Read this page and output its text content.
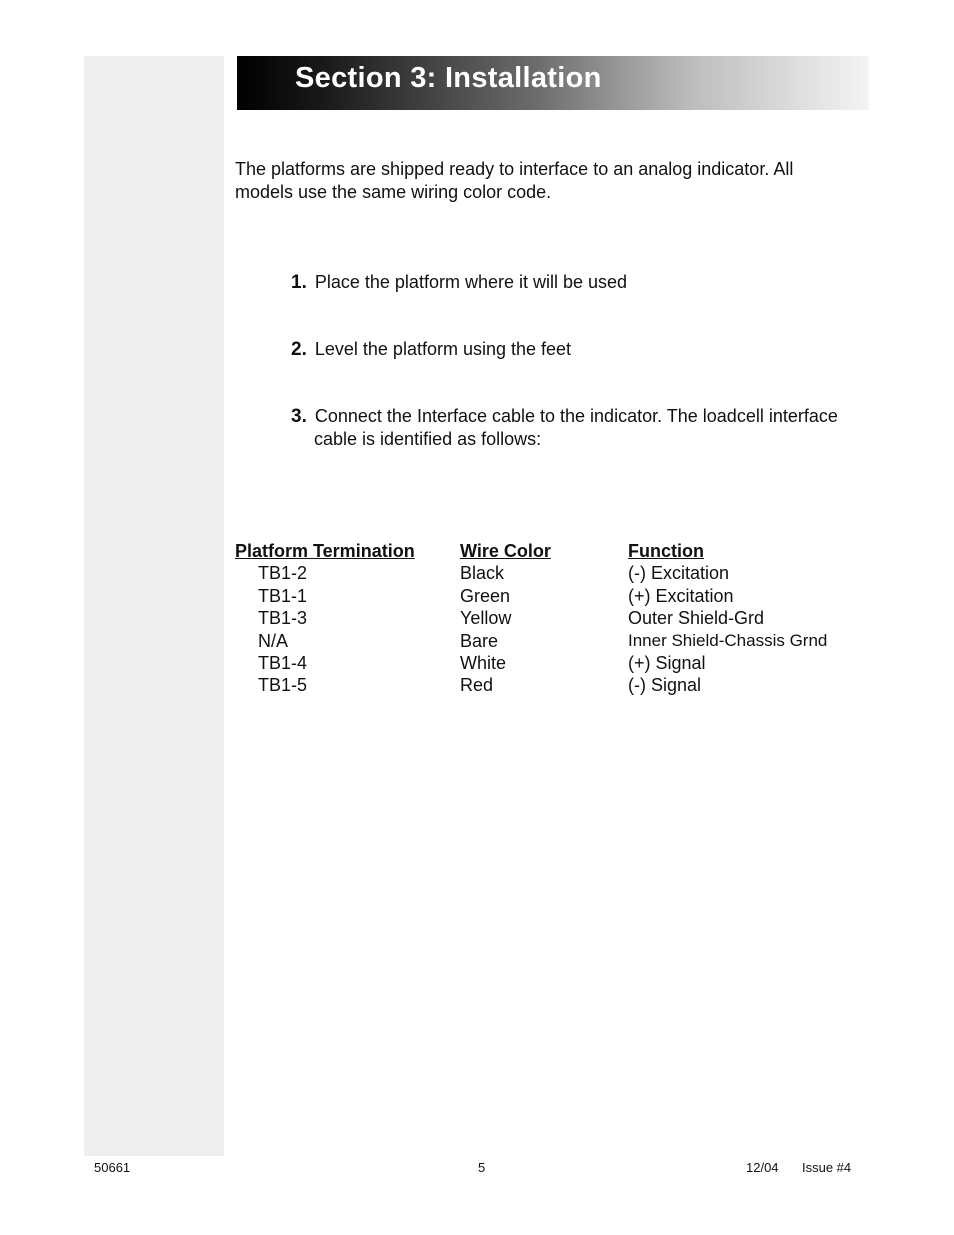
Section 3: Installation

The platforms are shipped ready to interface to an analog indicator. All models use the same wiring color code.

1. Place the platform where it will be used

2. Level the platform using the feet

3. Connect the Interface cable to the indicator. The loadcell interface
cable is identified as follows:

Platform Termination	Wire Color	Function
TB1-2	Black	(-) Excitation
TB1-1	Green	(+) Excitation
TB1-3	Yellow	Outer Shield-Grd
N/A	Bare	Inner Shield-Chassis Grnd
TB1-4	White	(+) Signal
TB1-5	Red	(-) Signal
50661	5	12/04 Issue #4
